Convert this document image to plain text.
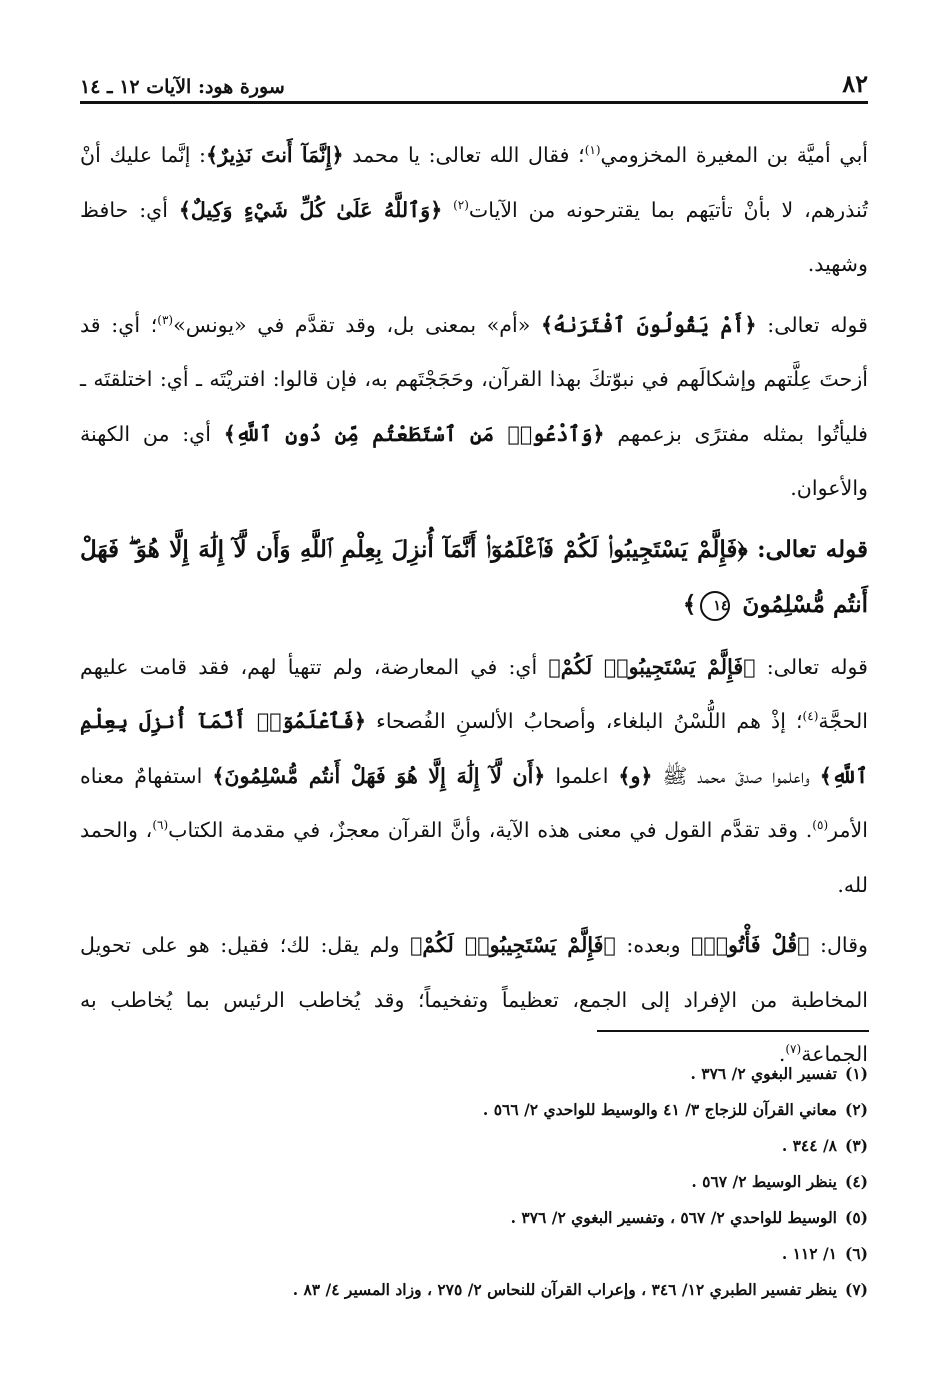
٨٢
سورة هود: الآيات ١٢ ـ ١٤
أبي أميَّة بن المغيرة المخزومي$^{(١)}$؛ فقال الله تعالى: يا محمد ﴿إِنَّمَآ أَنتَ نَذِيرٌ﴾: إنَّما عليك أنْ تُنذرهم، لا بأنْ تأتيَهم بما يقترحونه من الآيات$^{(٢)}$ ﴿وَٱللَّهُ عَلَىٰ كُلِّ شَيْءٍ وَكِيلٌ﴾ أي: حافظ وشهيد.
قوله تعالى: ﴿أَمْ يَقُولُونَ ٱفْتَرَىٰهُ﴾ «أم» بمعنى بل، وقد تقدَّم في «يونس»$^{(٣)}$؛ أي: قد أزحتَ عِلَّتهم وإشكالَهم في نبوّتكَ بهذا القرآن، وحَجَجْتَهم به، فإن قالوا: افتريْتَه ـ أي: اختلقتَه ـ فليأتُوا بمثله مفترًى بزعمهم ﴿وَٱدْعُوا۟ مَنِ ٱسْتَطَعْتُم مِّن دُونِ ٱللَّهِ﴾ أي: من الكهنة والأعوان.
قوله تعالى: ﴿فَإِلَّمْ يَسْتَجِيبُوا۟ لَكُمْ فَٱعْلَمُوٓا۟ أَنَّمَآ أُنزِلَ بِعِلْمِ ٱللَّهِ وَأَن لَّآ إِلَٰهَ إِلَّا هُوَ ۖ فَهَلْ أَنتُم مُّسْلِمُونَ ١٤﴾
قوله تعالى: ﴿فَإِلَّمْ يَسْتَجِيبُوا۟ لَكُمْ﴾ أي: في المعارضة، ولم تتهيأ لهم، فقد قامت عليهم الحجَّة$^{(٤)}$؛ إذْ هم اللُّسْنُ البلغاء، وأصحابُ الألسنِ الفُصحاء ﴿فَٱعْلَمُوٓا۟ أَنَّمَآ أُنزِلَ بِعِلْمِ ٱللَّهِ﴾ واعلموا صدقَ محمد ﷺ ﴿و﴾ اعلموا ﴿أَن لَّآ إِلَٰهَ إِلَّا هُوَ فَهَلْ أَنتُم مُّسْلِمُونَ﴾ استفهامٌ معناه الأمر$^{(٥)}$. وقد تقدَّم القول في معنى هذه الآية، وأنَّ القرآن معجزٌ، في مقدمة الكتاب$^{(٦)}$، والحمد لله.
وقال: ﴿قُلْ فَأْتُوا۟﴾ وبعده: ﴿فَإِلَّمْ يَسْتَجِيبُوا۟ لَكُمْ﴾ ولم يقل: لك؛ فقيل: هو على تحويل المخاطبة من الإفراد إلى الجمع، تعظيماً وتفخيماً؛ وقد يُخاطب الرئيس بما يُخاطب به الجماعة$^{(٧)}$.
(١)تفسير البغوي ٢/ ٣٧٦ .
(٢)معاني القرآن للزجاج ٣/ ٤١ والوسيط للواحدي ٢/ ٥٦٦ .
(٣)٨/ ٣٤٤ .
(٤)ينظر الوسيط ٢/ ٥٦٧ .
(٥)الوسيط للواحدي ٢/ ٥٦٧ ، وتفسير البغوي ٢/ ٣٧٦ .
(٦)١/ ١١٢ .
(٧)ينظر تفسير الطبري ١٢/ ٣٤٦ ، وإعراب القرآن للنحاس ٢/ ٢٧٥ ، وزاد المسير ٤/ ٨٣ .
